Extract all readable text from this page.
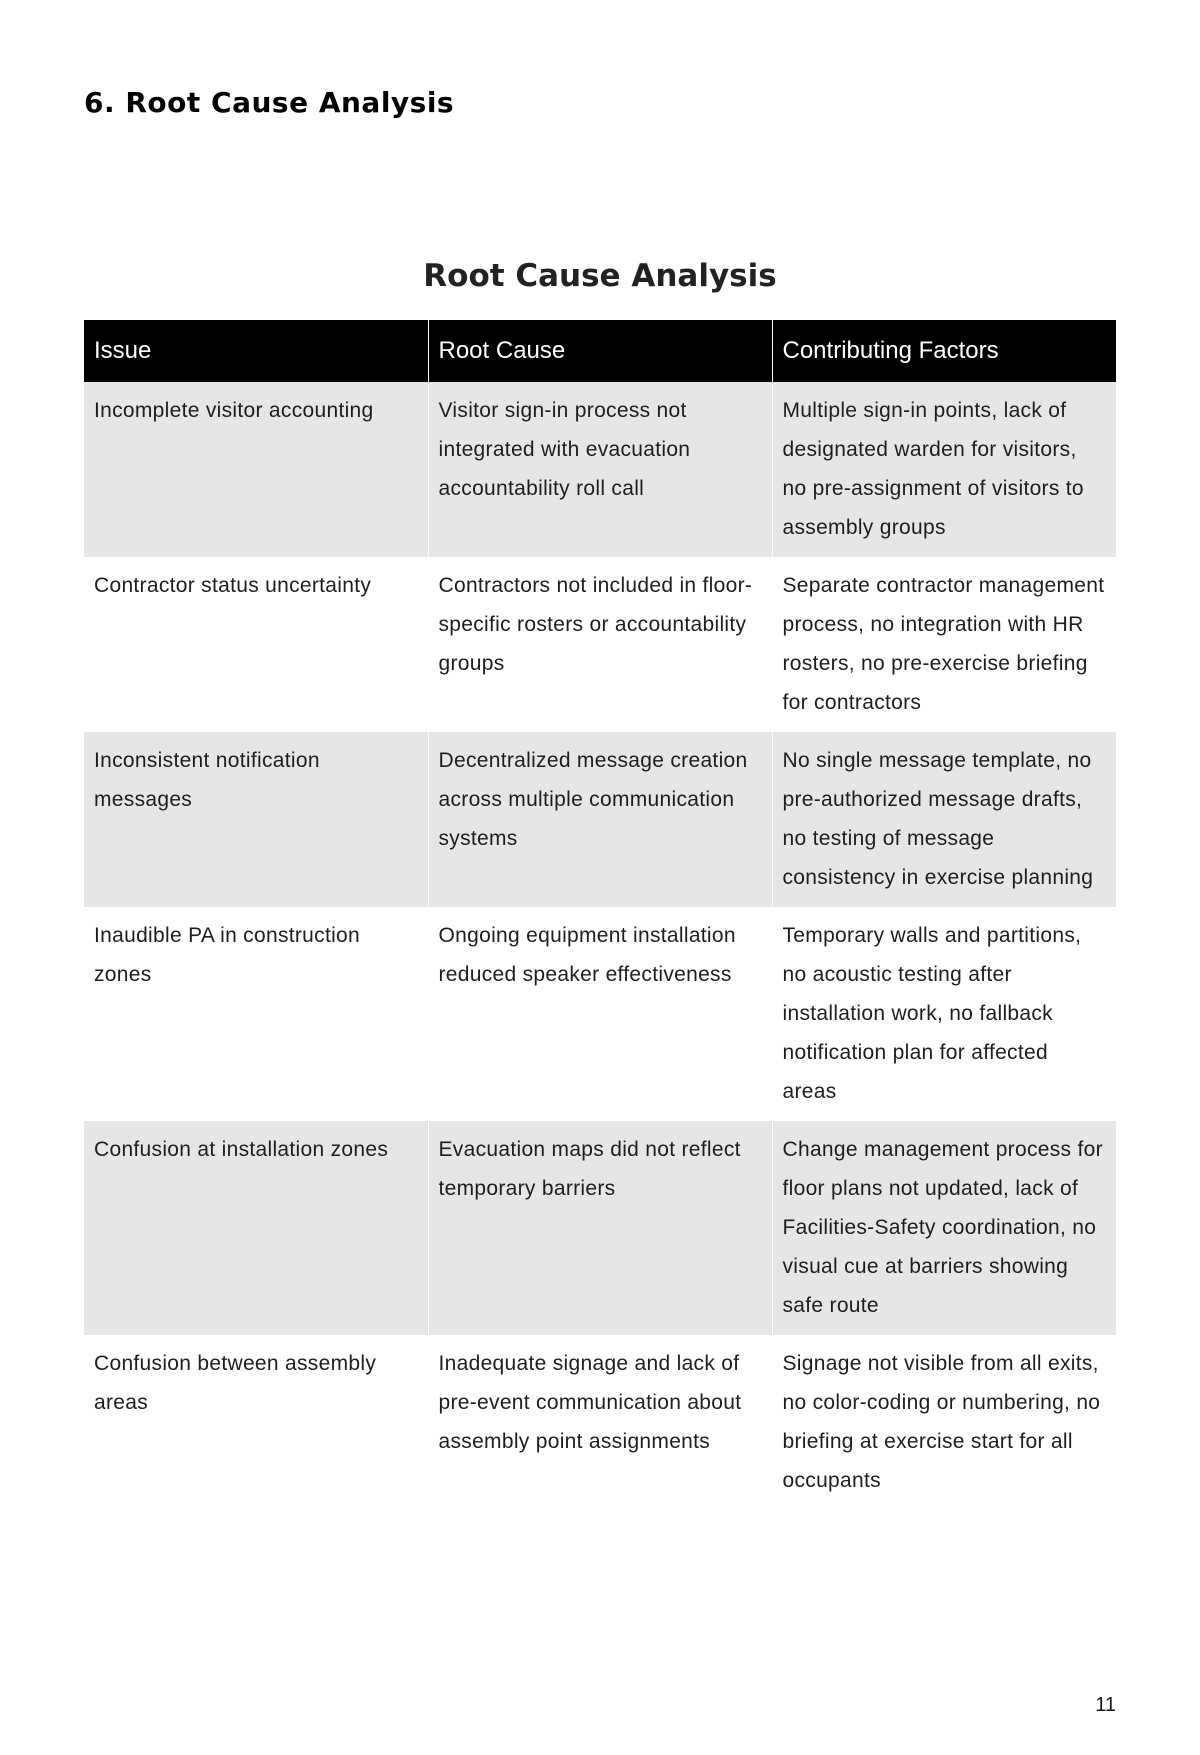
6. Root Cause Analysis
Root Cause Analysis
Issue	Root Cause	Contributing Factors
Incomplete visitor accounting	Visitor sign-in process not integrated with evacuation accountability roll call	Multiple sign-in points, lack of designated warden for visitors, no pre-assignment of visitors to assembly groups
Contractor status uncertainty	Contractors not included in floor-specific rosters or accountability groups	Separate contractor management process, no integration with HR rosters, no pre-exercise briefing for contractors
Inconsistent notification messages	Decentralized message creation across multiple communication systems	No single message template, no pre-authorized message drafts, no testing of message consistency in exercise planning
Inaudible PA in construction zones	Ongoing equipment installation reduced speaker effectiveness	Temporary walls and partitions, no acoustic testing after installation work, no fallback notification plan for affected areas
Confusion at installation zones	Evacuation maps did not reflect temporary barriers	Change management process for floor plans not updated, lack of Facilities-Safety coordination, no visual cue at barriers showing safe route
Confusion between assembly areas	Inadequate signage and lack of pre-event communication about assembly point assignments	Signage not visible from all exits, no color-coding or numbering, no briefing at exercise start for all occupants
11
